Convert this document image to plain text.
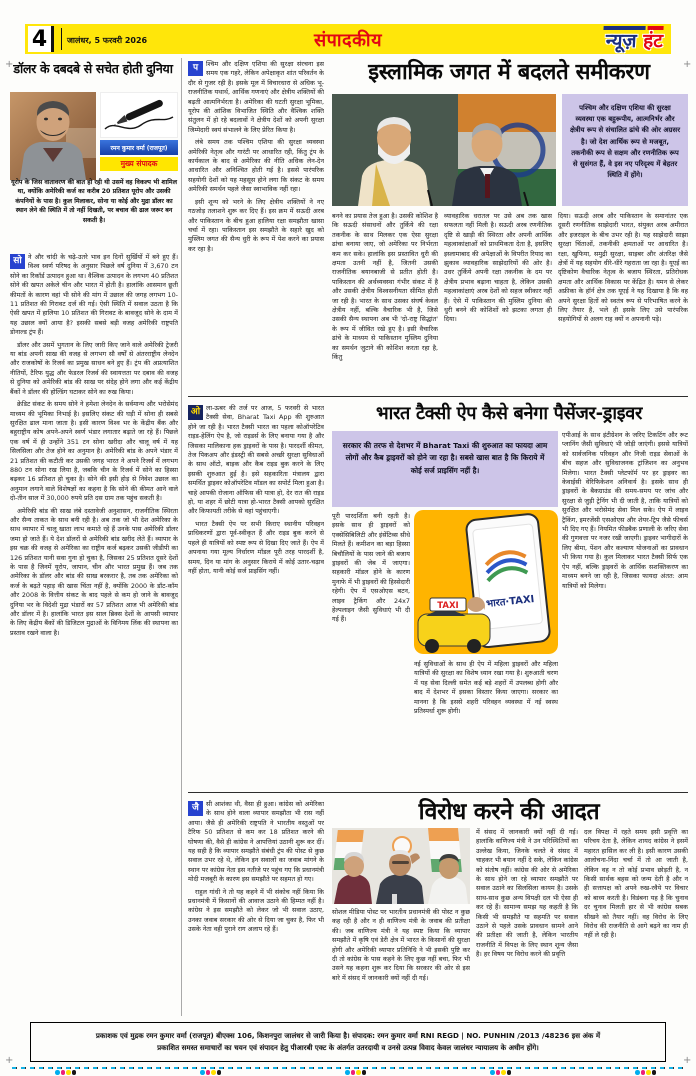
+	+
+	+
4	जालंधर, 5 फरवरी 2026	संपादकीय	न्यूज़ हंट
डॉलर के दबदबे से सचेत होती दुनिया
रमन कुमार वर्मा (राजपूत)
मुख्य संपादक
यूरोप के जिस वातावरण की बात हो रही थी उसमें वह विकल्प भी शामिल था, क्योंकि अमेरिकी कर्ज का करीब 20 प्रतिशत यूरोप और उसकी कंपनियों के पास है। कुल मिलाकर, सोना या कोई और मुद्रा डॉलर का स्थान लेने की स्थिति में तो नहीं दिखती, पर बचाव की ढाल जरूर बन सकती है।

सो ने और चांदी के चढ़े-उतरे भाव इन दिनों सुर्खियों में बने हुए हैं। विश्व स्वर्ण परिषद के अनुसार पिछले वर्ष दुनिया में 3,670 टन सोने का रिकॉर्ड उत्पादन हुआ था। वैश्विक उत्पादन के लगभग 40 प्रतिशत सोने की खपत अकेले चीन और भारत में होती है। हालांकि आसमान छूती कीमतों के कारण वहां भी सोने की मांग में उछाल की जगह लगभग 10-11 प्रतिशत की गिरावट दर्ज की गई। ऐसी स्थिति में सवाल उठता है कि ऐसी खपत में हालिया 10 प्रतिशत की गिरावट के बावजूद सोने के दाम में यह उछाल क्यों आया है? इसकी सबसे बड़ी वजह अमेरिकी राष्ट्रपति डोनाल्ड ट्रंप हैं।

डॉलर और उसमें भुगतान के लिए जारी किए जाने वाले अमेरिकी ट्रेजरी या बांड अपनी साख की वजह से लगभग सौ वर्षों से अंतरराष्ट्रीय लेनदेन और राजकोषों के रिजर्व का प्रमुख साधन बने हुए हैं। ट्रंप की अप्रत्याशित नीतियों, टैरिफ युद्ध और फेडरल रिजर्व की स्वायत्तता पर दबाव की वजह से दुनिया को अमेरिकी बांड की साख पर संदेह होने लगा और कई केंद्रीय बैंकों ने डॉलर की होल्डिंग घटाकर सोने का रुख किया।

क्रेडिट संकट के समय सोने ने हमेशा लेनदेन के सर्वमान्य और भरोसेमंद माध्यम की भूमिका निभाई है। इसलिए संकट की घड़ी में सोना ही सबसे सुरक्षित ढाल माना जाता है। इसी कारण विश्व भर के केंद्रीय बैंक और बहुराष्ट्रीय कोष अपने-अपने स्वर्ण भंडार लगातार बढ़ाते जा रहे हैं। पिछले एक वर्ष में ही उन्होंने 351 टन सोना खरीदा और चालू वर्ष में यह सिलसिला और तेज होने का अनुमान है। अमेरिकी बांड के अपने भंडार में 21 प्रतिशत की कटौती कर उसकी जगह भारत ने अपने रिजर्व में लगभग 880 टन सोना रख लिया है, जबकि चीन के रिजर्व में सोने का हिस्सा बढ़कर 16 प्रतिशत हो चुका है। सोने की इसी होड़ से निवेश उछाल का अनुमान लगाने वाले विशेषज्ञों का कहना है कि सोने की कीमत आने वाले दो-तीन साल में 30,000 रुपये प्रति दस ग्राम तक पहुंच सकती है।

अमेरिकी बांड की साख लंबे दस्तावेजी अनुशासन, राजनीतिक स्थिरता और सैन्य ताकत के साथ बनी रही है। अब तक जो भी देश अमेरिका के साथ व्यापार में चालू खाता लाभ कमाते रहे हैं उनके पास अमेरिकी डॉलर जमा हो जाते हैं। ये देश डॉलरों से अमेरिकी बांड खरीद लेते हैं। व्यापार के इस चक्र की वजह से अमेरिका का राष्ट्रीय कर्ज बढ़कर उसकी जीडीपी का 126 प्रतिशत यानी सवा गुना हो चुका है, जिसका 25 प्रतिशत दूसरे देशों के पास है जिनमें यूरोप, जापान, चीन और भारत प्रमुख हैं। जब तक अमेरिका के डॉलर और बांड की साख बरकरार है, तब तक अमेरिका को कर्ज के बढ़ते पहाड़ की खास चिंता नहीं है, क्योंकि 2000 के डॉट-कॉम और 2008 के वित्तीय संकट के बाद पहले से कम हो जाने के बावजूद दुनिया भर के विदेशी मुद्रा भंडारों का 57 प्रतिशत आज भी अमेरिकी बांड और डॉलर में है। हालांकि भारत इस साल ब्रिक्स देशों के आपसी व्यापार के लिए केंद्रीय बैंकों की डिजिटल मुद्राओं के विनिमय लिंक की स्थापना का प्रस्ताव रखने वाला है।

इस्लामिक जगत में बदलते समीकरण

प	श्चिम और दक्षिण एशिया की सुरक्षा संरचना इस समय एक गहरे, लेकिन अपेक्षाकृत शांत परिवर्तन के दौर से गुजर रही है। इसके मूल में विचारधारा से अधिक भू-राजनीतिक यथार्थ, आर्थिक गणनाएं और क्षेत्रीय शक्तियों की बढ़ती आत्मनिर्भरता है। अमेरिका की घटती सुरक्षा भूमिका, यूरोप की आंशिक विभाजित स्थिति और वैश्विक शक्ति संतुलन में हो रहे बदलावों ने क्षेत्रीय देशों को अपनी सुरक्षा जिम्मेदारी स्वयं संभालने के लिए प्रेरित किया है।

लंबे समय तक पश्चिम एशिया की सुरक्षा व्यवस्था अमेरिकी नेतृत्व और गारंटी पर आधारित रही, किंतु ट्रंप के कार्यकाल के बाद से अमेरिका की नीति अधिक लेन-देन आधारित और अनिश्चित होती गई है। इससे पारंपरिक सहयोगी देशों को यह महसूस होने लगा कि संकट के समय अमेरिकी समर्थन पहले जैसा स्वाभाविक नहीं रहा।

इसी शून्य को भरने के लिए क्षेत्रीय शक्तियों ने नए गठजोड़ तलाशने शुरू कर दिए हैं। इस क्रम में सऊदी अरब और पाकिस्तान के बीच हुआ हालिया रक्षा समझौता खासा चर्चा में रहा। पाकिस्तान इस समझौते के सहारे खुद को मुस्लिम जगत की सैन्य धुरी के रूप में पेश करने का प्रयास कर रहा है।

पश्चिम और दक्षिण एशिया की सुरक्षा व्यवस्था एक बहुरूपीय, आत्मनिर्भर और क्षेत्रीय रूप से संचालित ढांचे की ओर अग्रसर है। जो देश आर्थिक रूप से मजबूत, तकनीकी रूप से सक्षम और रणनीतिक रूप से सुसंगत हैं, वे इस नए परिदृश्य में बेहतर स्थिति में होंगे।
बनने का प्रयास तेज हुआ है। उसकी कोशिश है कि सऊदी संसाधनों और तुर्किये की रक्षा तकनीक के साथ मिलकर एक ऐसा सुरक्षा ढांचा बनाया जाए, जो अमेरिका पर निर्भरता कम कर सके। हालांकि इस प्रस्तावित धुरी की क्षमता उतनी नहीं है, जितनी उसकी राजनीतिक बयानबाजी से प्रतीत होती है। पाकिस्तान की अर्थव्यवस्था गंभीर संकट में है और उसकी क्षेत्रीय विश्वसनीयता सीमित होती जा रही है। भारत के साथ उसका संघर्ष केवल क्षेत्रीय नहीं, बल्कि वैचारिक भी है, जिसे उसकी सैन्य स्थापना अब भी 'दो-राष्ट्र सिद्धांत' के रूप में जीवित रखे हुए है। इसी वैचारिक ढांचे के माध्यम से पाकिस्तान मुस्लिम दुनिया का समर्थन जुटाने की कोशिश करता रहा है, किंतु
व्यावहारिक धरातल पर उसे अब तक खास सफलता नहीं मिली है। सऊदी अरब रणनीतिक दृष्टि से खाड़ी की स्थिरता और अपनी आर्थिक महत्वाकांक्षाओं को प्राथमिकता देता है, इसलिए इस्लामाबाद की अपेक्षाओं के विपरीत रियाद का झुकाव व्यावहारिक साझेदारियों की ओर है। उधर तुर्किये अपनी रक्षा तकनीक के दम पर क्षेत्रीय प्रभाव बढ़ाना चाहता है, लेकिन उसकी महत्वाकांक्षाएं अरब देशों को सहज स्वीकार नहीं हैं। ऐसे में पाकिस्तान की मुस्लिम दुनिया की धुरी बनने की कोशिशों को झटका लगता ही दिया।
दिया। सऊदी अरब और पाकिस्तान के समानांतर एक दूसरी रणनीतिक साझेदारी भारत, संयुक्त अरब अमीरात और इजराइल के बीच उभर रही है। यह साझेदारी साझा सुरक्षा चिंताओं, तकनीकी क्षमताओं पर आधारित है। रक्षा, खुफिया, समुद्री सुरक्षा, साइबर और अंतरिक्ष जैसे क्षेत्रों में यह सहयोग धीरे-धीरे गहराता जा रहा है। यूएई का दृष्टिकोण वैचारिक नेतृत्व के बजाय स्थिरता, प्रतिरोधक क्षमता और आर्थिक विकास पर केंद्रित है। यमन से लेकर अफ्रीका के हॉर्न क्षेत्र तक यूएई ने यह दिखाया है कि वह अपने सुरक्षा हितों को स्वतंत्र रूप से परिभाषित करने के लिए तैयार है, भले ही इसके लिए उसे पारंपरिक सहयोगियों से अलग राह क्यों न अपनानी पड़े।
भारत टैक्सी ऐप कैसे बनेगा पैसेंजर-ड्राइवर

ओ ला-ऊबर की तर्ज पर आज, 5 फरवरी से भारत टैक्सी सेवा, Bharat Taxi App की शुरुआत होने जा रही है। भारत टैक्सी भारत का पहला कोऑपरेटिव राइड-हेलिंग ऐप है, जो राइडर्स के लिए बनाया गया है और जिसका मालिकाना हक ड्राइवरों के पास है। पारदर्शी कीमत, तेज पिकअप और इंडस्ट्री की सबसे अच्छी सुरक्षा सुविधाओं के साथ ऑटो, बाइक और कैब राइड बुक करने के लिए इसकी शुरुआत हुई है। इसे सहकारिता मंत्रालय द्वारा समर्थित ड्राइवर कोऑपरेटिव मॉडल का सपोर्ट मिला हुआ है। चाहे आपकी रोजाना ऑफिस की यात्रा हो, देर रात की राइड हो, या शहर में छोटी यात्रा हो-भारत टैक्सी आपको सुरक्षित और किफायती तरीके से वहां पहुंचाएगी।

भारत टैक्सी ऐप पर सभी किराए स्थानीय परिवहन प्राधिकरणों द्वारा पूर्व-स्वीकृत हैं और राइड बुक करने से पहले ही यात्रियों को स्पष्ट रूप से दिखा दिए जाते हैं। ऐप में अपनाया गया मूल्य निर्धारण मॉडल पूरी तरह पारदर्शी है, समय, दिन या मांग के अनुसार किराये में कोई उतार-चढ़ाव नहीं होता, यानी कोई सर्ज प्राइसिंग नहीं।

सरकार की तरफ से देशभर में Bharat Taxi की शुरुआत का फायदा आम लोगों और कैब ड्राइवरों को होने जा रहा है। सबसे खास बात है कि किराये में कोई सर्ज प्राइसिंग नहीं है।
पूरी पारदर्शिता बनी रहती है। इसके साथ ही ड्राइवरों को एक्सेसिबिलिटी और इंसेंटिव्स सीधे मिलते हैं। कमीशन का बड़ा हिस्सा बिचौलियों के पास जाने की बजाय ड्राइवरों की जेब में जाएगा। सहकारी मॉडल होने के कारण मुनाफे में भी ड्राइवरों की हिस्सेदारी रहेगी। ऐप में एसओएस बटन, लाइव ट्रैकिंग और 24x7 हेल्पलाइन जैसी सुविधाएं भी दी गई हैं।
भारत·TAXI
TAXI
नई सुविधाओं के साथ ही ऐप में महिला ड्राइवरों और महिला यात्रियों की सुरक्षा का विशेष ध्यान रखा गया है। शुरुआती चरण में यह सेवा दिल्ली समेत कई बड़े शहरों में उपलब्ध होगी और बाद में देशभर में इसका विस्तार किया जाएगा। सरकार का मानना है कि इससे शहरी परिवहन व्यवस्था में नई स्वस्थ प्रतिस्पर्धा शुरू होगी।
एपीआई के साथ इंटीग्रेशन के जरिए टिकटिंग और रूट प्लानिंग जैसी सुविधाएं भी जोड़ी जाएंगी। इससे यात्रियों को सार्वजनिक परिवहन और निजी राइड सेवाओं के बीच सहज और सुविधाजनक ट्रांजिशन का अनुभव मिलेगा। भारत टैक्सी प्लेटफॉर्म पर हर ड्राइवर का केवाईसी वेरिफिकेशन अनिवार्य है। इसके साथ ही ड्राइवरों के बैकग्राउंड की समय-समय पर जांच और सुरक्षा से जुड़ी ट्रेनिंग भी दी जाती है, ताकि यात्रियों को सुरक्षित और भरोसेमंद सेवा मिल सके। ऐप में लाइव ट्रैकिंग, इमरजेंसी एसओएस और शेयर-ट्रिप जैसे फीचर्स भी दिए गए हैं। नियमित फीडबैक प्रणाली के जरिए सेवा की गुणवत्ता पर नजर रखी जाएगी। ड्राइवर भागीदारों के लिए बीमा, पेंशन और कल्याण योजनाओं का प्रावधान भी किया गया है। कुल मिलाकर भारत टैक्सी सिर्फ एक ऐप नहीं, बल्कि ड्राइवरों के आर्थिक सशक्तिकरण का माध्यम बनने जा रही है, जिसका फायदा अंतत: आम यात्रियों को मिलेगा।
विरोध करने की आदत

जै	सी आशंका थी, वैसा ही हुआ। कांग्रेस को अमेरिका के साथ होने वाला व्यापार समझौता भी रास नहीं आया। जैसे ही अमेरिकी राष्ट्रपति ने भारतीय वस्तुओं पर टैरिफ 50 प्रतिशत से कम कर 18 प्रतिशत करने की घोषणा की, वैसे ही कांग्रेस ने आपत्तियां उठानी शुरू कर दीं। यह सही है कि व्यापार समझौते संबंधी ट्रंप की पोस्ट से कुछ सवाल उभर रहे थे, लेकिन इन सवालों का जवाब मांगने के स्थान पर कांग्रेस नेता इस नतीजे पर पहुंच गए कि प्रधानमंत्री मोदी मजबूरी के कारण इस समझौते पर सहमत हो गए।

राहुल गांधी ने तो यह कहने में भी संकोच नहीं किया कि प्रधानमंत्री में किसानों की आवाज उठाने की हिम्मत नहीं है। कांग्रेस ने इस समझौते को लेकर जो भी सवाल उठाए, उनका जवाब सरकार की ओर से दिया जा चुका है, फिर भी उसके नेता वही पुराने राग अलाप रहे हैं।

सोशल मीडिया पोस्ट पर भारतीय प्रधानमंत्री की पोस्ट न कुछ कह रही है और न ही वाणिज्य मंत्री के जवाब की प्रतीक्षा की। जब वाणिज्य मंत्री ने यह स्पष्ट किया कि व्यापार समझौते में कृषि एवं डेरी क्षेत्र में भारत के किसानों की सुरक्षा होगी और अमेरिकी व्यापार प्रतिनिधि ने भी इसकी पुष्टि कर दी तो कांग्रेस के पास कहने के लिए कुछ नहीं बचा, फिर भी उसने यह कहना शुरू कर दिया कि सरकार की ओर से इस बारे में संसद में जानकारी क्यों नहीं दी गई।
में संसद में जानकारी क्यों नहीं दी गई। हालांकि वाणिज्य मंत्री ने उन परिस्थितियों का उल्लेख किया, जिनके चलते वे संसद में चाहकर भी बयान नहीं दे सके, लेकिन कांग्रेस को संतोष नहीं। कांग्रेस की ओर से अमेरिका के साथ होने जा रहे व्यापार समझौते पर सवाल उठाने का सिलसिला कायम है। उसके साथ-साथ कुछ अन्य विपक्षी दल भी ऐसा ही कर रहे हैं। सामान्य समझ यह कहती है कि किसी भी समझौते या सहमति पर सवाल उठाने से पहले उसके प्रावधान सामने आने की प्रतीक्षा की जाती है, लेकिन भारतीय राजनीति में विपक्ष के लिए स्थान शून्य जैसा है। हर विषय पर विरोध करने की प्रवृत्ति
दल विपक्ष में रहते समय इसी प्रवृत्ति का परिचय देता है, लेकिन शायद कांग्रेस ने इसमें महारत हासिल कर ली है। इसी कारण उसकी आलोचना-निंदा चर्चा में तो आ जाती है, लेकिन वह न तो कोई प्रभाव छोड़ती है, न किसी सार्थक बहस को जन्म देती है और न ही सत्तापक्ष को अपने रुख-रवैये पर विचार को बाध्य करती है। विडंबना यह है कि चुनाव दर चुनाव मिलती हार से भी कांग्रेस सबक सीखने को तैयार नहीं। वह विरोध के लिए विरोध की राजनीति से आगे बढ़ने का नाम ही नहीं ले रही है।
प्रकाशक एवं मुद्रक रमन कुमार वर्मा (राजपूत) बीएक्स 106, किशनपुरा जालंधर से जारी किया है। संपादक: रमन कुमार वर्मा RNI REGD | NO. PUNHIN /2013 /48236 इस अंक में
प्रकाशित समस्त समाचारों का चयन एवं संपादन हेतु पीआरबी एक्ट के अंतर्गत उतरदायी व उनसे उत्पन्न विवाद केवल जालंधर न्यायालय के अधीन होंगे।
